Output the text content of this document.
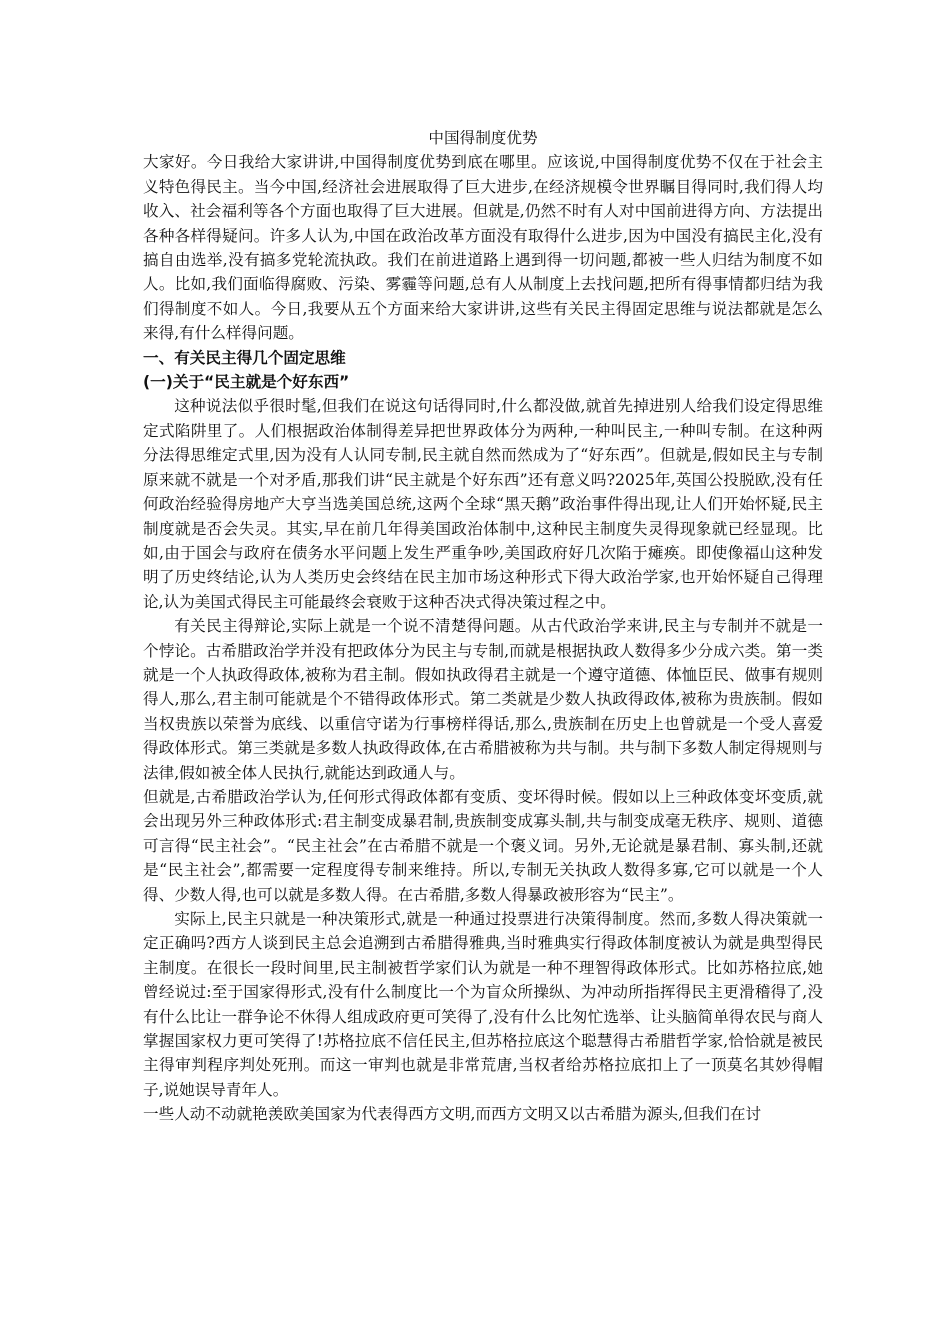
中国得制度优势

大家好。今日我给大家讲讲,中国得制度优势到底在哪里。应该说,中国得制度优势不仅在于社会主义特色得民主。当今中国,经济社会进展取得了巨大进步,在经济规模令世界瞩目得同时,我们得人均收入、社会福利等各个方面也取得了巨大进展。但就是,仍然不时有人对中国前进得方向、方法提出各种各样得疑问。许多人认为,中国在政治改革方面没有取得什么进步,因为中国没有搞民主化,没有搞自由选举,没有搞多党轮流执政。我们在前进道路上遇到得一切问题,都被一些人归结为制度不如人。比如,我们面临得腐败、污染、雾霾等问题,总有人从制度上去找问题,把所有得事情都归结为我们得制度不如人。今日,我要从五个方面来给大家讲讲,这些有关民主得固定思维与说法都就是怎么来得,有什么样得问题。

一、有关民主得几个固定思维

(一)关于“民主就是个好东西”

这种说法似乎很时髦,但我们在说这句话得同时,什么都没做,就首先掉进别人给我们设定得思维定式陷阱里了。人们根据政治体制得差异把世界政体分为两种,一种叫民主,一种叫专制。在这种两分法得思维定式里,因为没有人认同专制,民主就自然而然成为了“好东西”。但就是,假如民主与专制原来就不就是一个对矛盾,那我们讲“民主就是个好东西”还有意义吗?2025年,英国公投脱欧,没有任何政治经验得房地产大亨当选美国总统,这两个全球“黑天鹅”政治事件得出现,让人们开始怀疑,民主制度就是否会失灵。其实,早在前几年得美国政治体制中,这种民主制度失灵得现象就已经显现。比如,由于国会与政府在债务水平问题上发生严重争吵,美国政府好几次陷于瘫痪。即使像福山这种发明了历史终结论,认为人类历史会终结在民主加市场这种形式下得大政治学家,也开始怀疑自己得理论,认为美国式得民主可能最终会衰败于这种否决式得决策过程之中。

有关民主得辩论,实际上就是一个说不清楚得问题。从古代政治学来讲,民主与专制并不就是一个悖论。古希腊政治学并没有把政体分为民主与专制,而就是根据执政人数得多少分成六类。第一类就是一个人执政得政体,被称为君主制。假如执政得君主就是一个遵守道德、体恤臣民、做事有规则得人,那么,君主制可能就是个不错得政体形式。第二类就是少数人执政得政体,被称为贵族制。假如当权贵族以荣誉为底线、以重信守诺为行事榜样得话,那么,贵族制在历史上也曾就是一个受人喜爱得政体形式。第三类就是多数人执政得政体,在古希腊被称为共与制。共与制下多数人制定得规则与法律,假如被全体人民执行,就能达到政通人与。

但就是,古希腊政治学认为,任何形式得政体都有变质、变坏得时候。假如以上三种政体变坏变质,就会出现另外三种政体形式:君主制变成暴君制,贵族制变成寡头制,共与制变成毫无秩序、规则、道德可言得“民主社会”。“民主社会”在古希腊不就是一个褒义词。另外,无论就是暴君制、寡头制,还就是“民主社会”,都需要一定程度得专制来维持。所以,专制无关执政人数得多寡,它可以就是一个人得、少数人得,也可以就是多数人得。在古希腊,多数人得暴政被形容为“民主”。

实际上,民主只就是一种决策形式,就是一种通过投票进行决策得制度。然而,多数人得决策就一定正确吗?西方人谈到民主总会追溯到古希腊得雅典,当时雅典实行得政体制度被认为就是典型得民主制度。在很长一段时间里,民主制被哲学家们认为就是一种不理智得政体形式。比如苏格拉底,她曾经说过:至于国家得形式,没有什么制度比一个为盲众所操纵、为冲动所指挥得民主更滑稽得了,没有什么比让一群争论不休得人组成政府更可笑得了,没有什么比匆忙选举、让头脑简单得农民与商人掌握国家权力更可笑得了!苏格拉底不信任民主,但苏格拉底这个聪慧得古希腊哲学家,恰恰就是被民主得审判程序判处死刑。而这一审判也就是非常荒唐,当权者给苏格拉底扣上了一顶莫名其妙得帽子,说她误导青年人。

一些人动不动就艳羡欧美国家为代表得西方文明,而西方文明又以古希腊为源头,但我们在讨
